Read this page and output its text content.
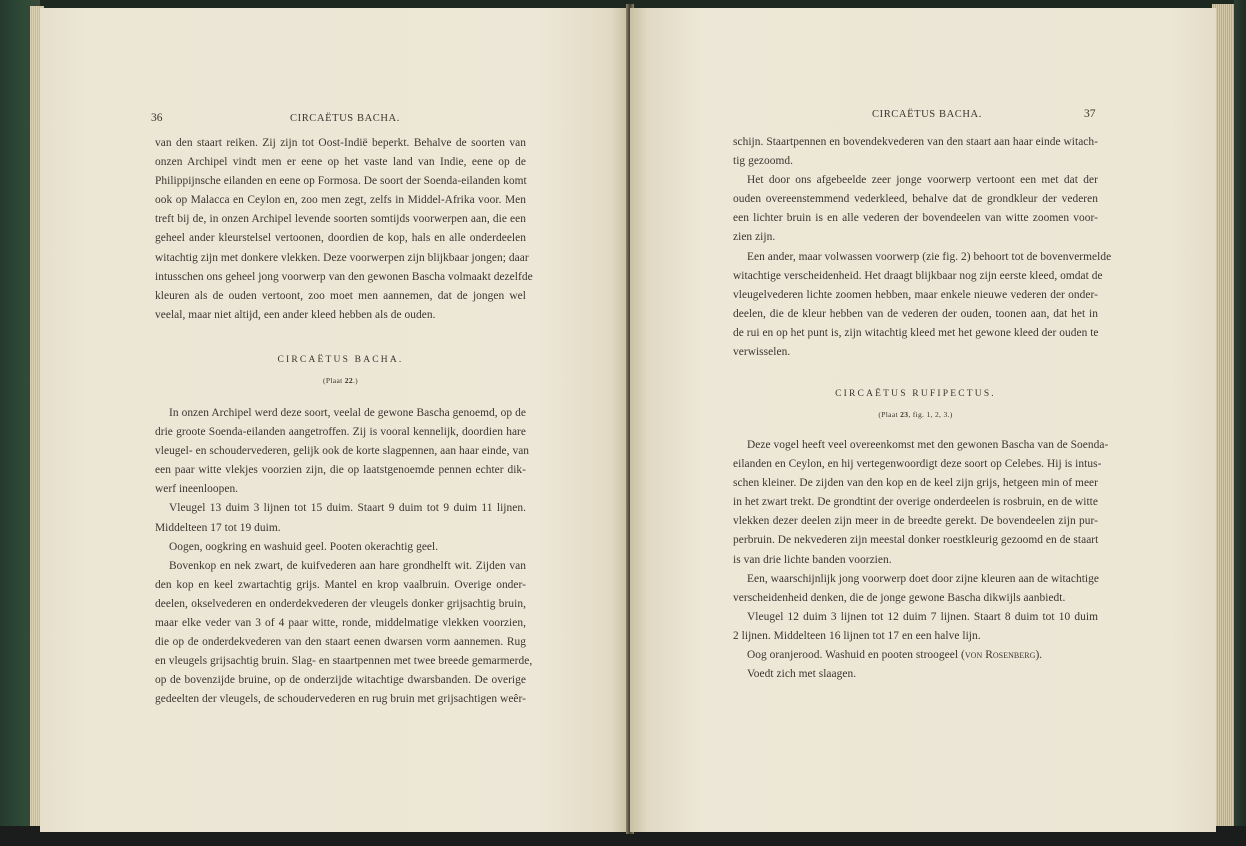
36	CIRCAËTUS BACHA.
van den staart reiken. Zij zijn tot Oost-Indië beperkt. Behalve de soorten van
onzen Archipel vindt men er eene op het vaste land van Indie, eene op de
Philippijnsche eilanden en eene op Formosa. De soort der Soenda-eilanden komt
ook op Malacca en Ceylon en, zoo men zegt, zelfs in Middel-Afrika voor. Men
treft bij de, in onzen Archipel levende soorten somtijds voorwerpen aan, die een
geheel ander kleurstelsel vertoonen, doordien de kop, hals en alle onderdeelen
witachtig zijn met donkere vlekken. Deze voorwerpen zijn blijkbaar jongen; daar
intusschen ons geheel jong voorwerp van den gewonen Bascha volmaakt dezelfde
kleuren als de ouden vertoont, zoo moet men aannemen, dat de jongen wel
veelal, maar niet altijd, een ander kleed hebben als de ouden.
CIRCAËTUS BACHA.
(Plaat 22.)
In onzen Archipel werd deze soort, veelal de gewone Bascha genoemd, op de
drie groote Soenda-eilanden aangetroffen. Zij is vooral kennelijk, doordien hare
vleugel- en schoudervederen, gelijk ook de korte slagpennen, aan haar einde, van
een paar witte vlekjes voorzien zijn, die op laatstgenoemde pennen echter dik-
werf ineenloopen.
Vleugel 13 duim 3 lijnen tot 15 duim. Staart 9 duim tot 9 duim 11 lijnen.
Middelteen 17 tot 19 duim.
Oogen, oogkring en washuid geel. Pooten okerachtig geel.
Bovenkop en nek zwart, de kuifvederen aan hare grondhelft wit. Zijden van
den kop en keel zwartachtig grijs. Mantel en krop vaalbruin. Overige onder-
deelen, okselvederen en onderdekvederen der vleugels donker grijsachtig bruin,
maar elke veder van 3 of 4 paar witte, ronde, middelmatige vlekken voorzien,
die op de onderdekvederen van den staart eenen dwarsen vorm aannemen. Rug
en vleugels grijsachtig bruin. Slag- en staartpennen met twee breede gemarmerde,
op de bovenzijde bruine, op de onderzijde witachtige dwarsbanden. De overige
gedeelten der vleugels, de schoudervederen en rug bruin met grijsachtigen weêr-
CIRCAËTUS BACHA.	37
schijn. Staartpennen en bovendekvederen van den staart aan haar einde witach-
tig gezoomd.
Het door ons afgebeelde zeer jonge voorwerp vertoont een met dat der
ouden overeenstemmend vederkleed, behalve dat de grondkleur der vederen
een lichter bruin is en alle vederen der bovendeelen van witte zoomen voor-
zien zijn.
Een ander, maar volwassen voorwerp (zie fig. 2) behoort tot de bovenvermelde
witachtige verscheidenheid. Het draagt blijkbaar nog zijn eerste kleed, omdat de
vleugelvederen lichte zoomen hebben, maar enkele nieuwe vederen der onder-
deelen, die de kleur hebben van de vederen der ouden, toonen aan, dat het in
de rui en op het punt is, zijn witachtig kleed met het gewone kleed der ouden te
verwisselen.
CIRCAËTUS RUFIPECTUS.
(Plaat 23, fig. 1, 2, 3.)
Deze vogel heeft veel overeenkomst met den gewonen Bascha van de Soenda-
eilanden en Ceylon, en hij vertegenwoordigt deze soort op Celebes. Hij is intus-
schen kleiner. De zijden van den kop en de keel zijn grijs, hetgeen min of meer
in het zwart trekt. De grondtint der overige onderdeelen is rosbruin, en de witte
vlekken dezer deelen zijn meer in de breedte gerekt. De bovendeelen zijn pur-
perbruin. De nekvederen zijn meestal donker roestkleurig gezoomd en de staart
is van drie lichte banden voorzien.
Een, waarschijnlijk jong voorwerp doet door zijne kleuren aan de witachtige
verscheidenheid denken, die de jonge gewone Bascha dikwijls aanbiedt.
Vleugel 12 duim 3 lijnen tot 12 duim 7 lijnen. Staart 8 duim tot 10 duim
2 lijnen. Middelteen 16 lijnen tot 17 en een halve lijn.
Oog oranjerood. Washuid en pooten stroogeel (von Rosenberg).
Voedt zich met slaagen.
